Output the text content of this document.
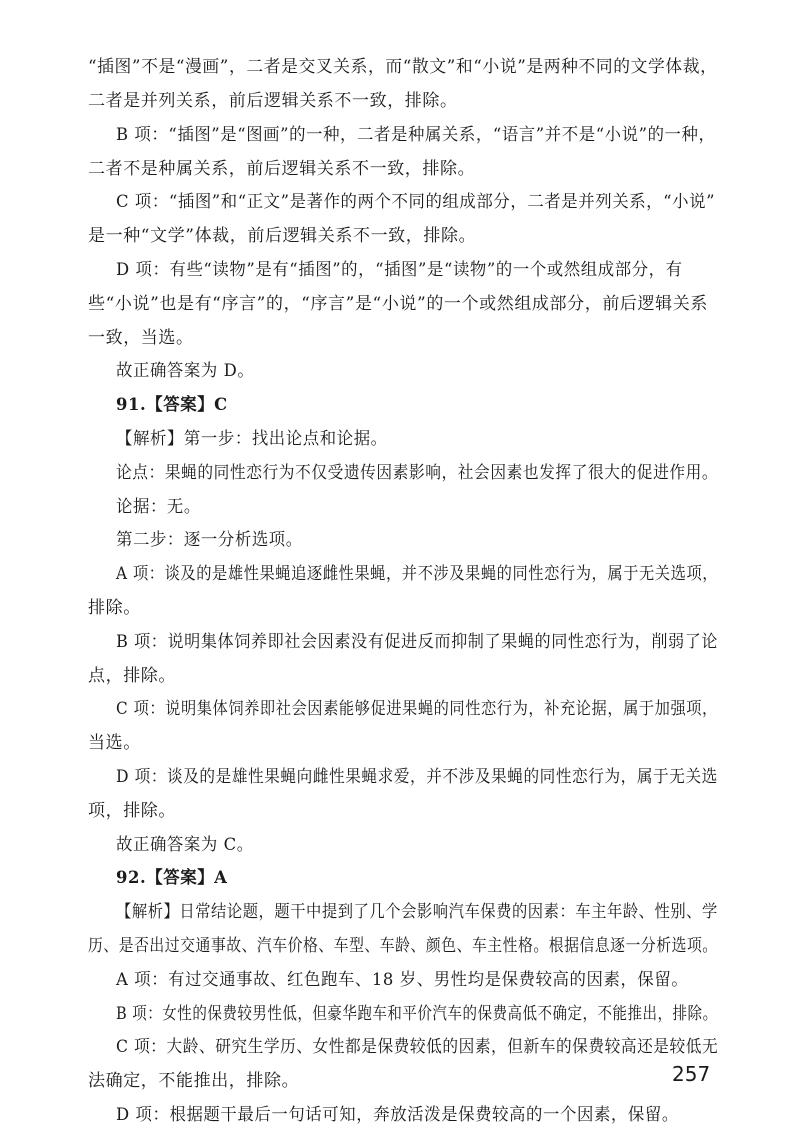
“插图”不是“漫画”，二者是交叉关系，而“散文”和“小说”是两种不同的文学体裁，
二者是并列关系，前后逻辑关系不一致，排除。
B 项：“插图”是“图画”的一种，二者是种属关系，“语言”并不是“小说”的一种，
二者不是种属关系，前后逻辑关系不一致，排除。
C 项：“插图”和“正文”是著作的两个不同的组成部分，二者是并列关系，“小说”
是一种“文学”体裁，前后逻辑关系不一致，排除。
D 项：有些“读物”是有“插图”的，“插图”是“读物”的一个或然组成部分，有
些“小说”也是有“序言”的，“序言”是“小说”的一个或然组成部分，前后逻辑关系
一致，当选。
故正确答案为 D。
91.【答案】C
【解析】第一步：找出论点和论据。
论点：果蝇的同性恋行为不仅受遗传因素影响，社会因素也发挥了很大的促进作用。
论据：无。
第二步：逐一分析选项。
A 项：谈及的是雄性果蝇追逐雌性果蝇，并不涉及果蝇的同性恋行为，属于无关选项，
排除。
B 项：说明集体饲养即社会因素没有促进反而抑制了果蝇的同性恋行为，削弱了论
点，排除。
C 项：说明集体饲养即社会因素能够促进果蝇的同性恋行为，补充论据，属于加强项，
当选。
D 项：谈及的是雄性果蝇向雌性果蝇求爱，并不涉及果蝇的同性恋行为，属于无关选
项，排除。
故正确答案为 C。
92.【答案】A
【解析】日常结论题，题干中提到了几个会影响汽车保费的因素：车主年龄、性别、学
历、是否出过交通事故、汽车价格、车型、车龄、颜色、车主性格。根据信息逐一分析选项。
A 项：有过交通事故、红色跑车、18 岁、男性均是保费较高的因素，保留。
B 项：女性的保费较男性低，但豪华跑车和平价汽车的保费高低不确定，不能推出，排除。
C 项：大龄、研究生学历、女性都是保费较低的因素，但新车的保费较高还是较低无
法确定，不能推出，排除。
D 项：根据题干最后一句话可知，奔放活泼是保费较高的一个因素，保留。
257
